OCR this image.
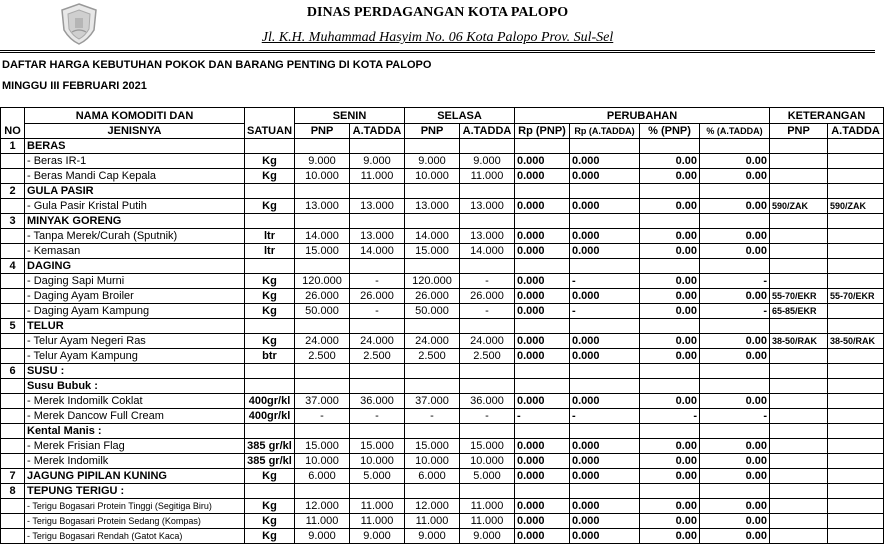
DINAS PERDAGANGAN KOTA PALOPO
Jl. K.H. Muhammad Hasyim No. 06 Kota Palopo Prov. Sul-Sel
DAFTAR HARGA KEBUTUHAN POKOK DAN BARANG PENTING DI KOTA PALOPO
MINGGU III FEBRUARI 2021
NO	NAMA KOMODITI DAN	SATUAN	SENIN		SELASA		PERUBAHAN				KETERANGAN	
	JENISNYA		PNP	A.TADDA	PNP	A.TADDA	Rp (PNP)	Rp (A.TADDA)	% (PNP)	% (A.TADDA)	PNP	A.TADDA
1	BERAS											
	- Beras IR-1	Kg	9.000	9.000	9.000	9.000	0.000	0.000	0.00	0.00		
	- Beras Mandi Cap Kepala	Kg	10.000	11.000	10.000	11.000	0.000	0.000	0.00	0.00		
2	GULA PASIR											
	- Gula Pasir Kristal Putih	Kg	13.000	13.000	13.000	13.000	0.000	0.000	0.00	0.00	590/ZAK	590/ZAK
3	MINYAK GORENG											
	- Tanpa Merek/Curah (Sputnik)	ltr	14.000	13.000	14.000	13.000	0.000	0.000	0.00	0.00		
	- Kemasan	ltr	15.000	14.000	15.000	14.000	0.000	0.000	0.00	0.00		
4	DAGING											
	- Daging Sapi Murni	Kg	120.000	-	120.000	-	0.000	-	0.00	-		
	- Daging Ayam Broiler	Kg	26.000	26.000	26.000	26.000	0.000	0.000	0.00	0.00	55-70/EKR	55-70/EKR
	- Daging Ayam Kampung	Kg	50.000	-	50.000	-	0.000	-	0.00	-	65-85/EKR	
5	TELUR											
	- Telur Ayam Negeri Ras	Kg	24.000	24.000	24.000	24.000	0.000	0.000	0.00	0.00	38-50/RAK	38-50/RAK
	- Telur Ayam Kampung	btr	2.500	2.500	2.500	2.500	0.000	0.000	0.00	0.00		
6	SUSU :											
	Susu Bubuk :											
	- Merek Indomilk Coklat	400gr/kl	37.000	36.000	37.000	36.000	0.000	0.000	0.00	0.00		
	- Merek Dancow Full Cream	400gr/kl	-	-	-	-	-	-	-	-		
	Kental Manis :											
	- Merek Frisian Flag	385 gr/kl	15.000	15.000	15.000	15.000	0.000	0.000	0.00	0.00		
	- Merek Indomilk	385 gr/kl	10.000	10.000	10.000	10.000	0.000	0.000	0.00	0.00		
7	JAGUNG PIPILAN KUNING	Kg	6.000	5.000	6.000	5.000	0.000	0.000	0.00	0.00		
8	TEPUNG TERIGU :											
	- Terigu Bogasari Protein Tinggi (Segitiga Biru)	Kg	12.000	11.000	12.000	11.000	0.000	0.000	0.00	0.00		
	- Terigu Bogasari Protein Sedang (Kompas)	Kg	11.000	11.000	11.000	11.000	0.000	0.000	0.00	0.00		
	- Terigu Bogasari Rendah (Gatot Kaca)	Kg	9.000	9.000	9.000	9.000	0.000	0.000	0.00	0.00		
